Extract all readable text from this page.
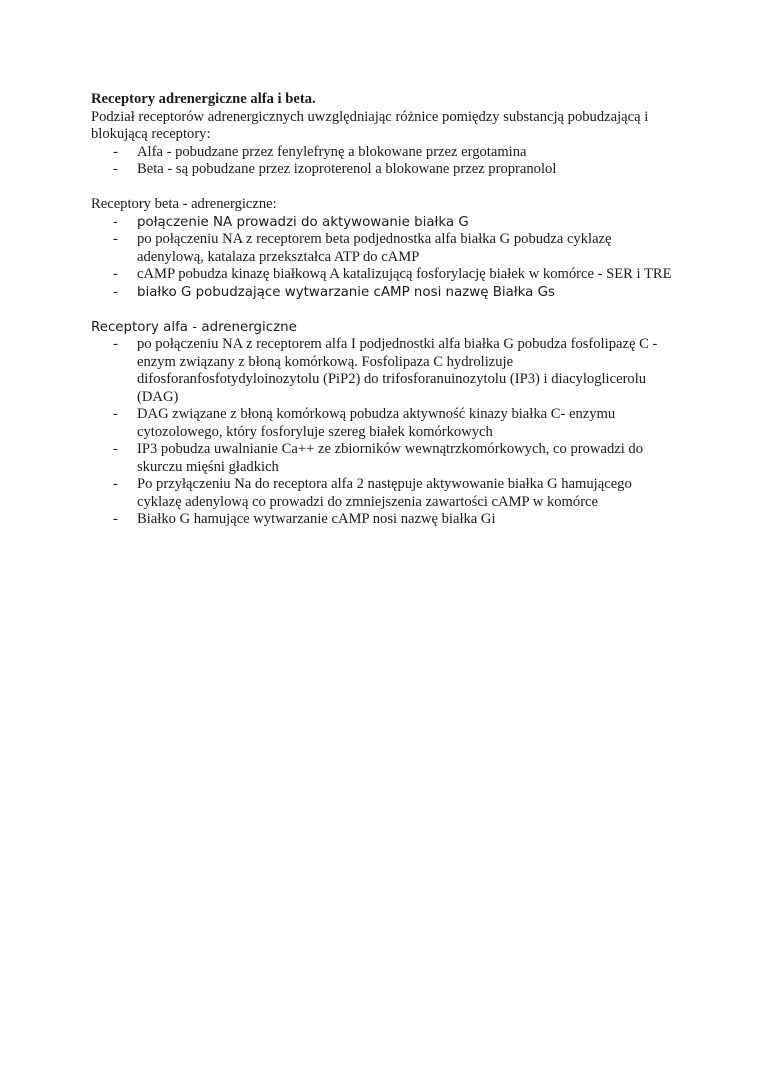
Receptory adrenergiczne alfa i beta.

Podział receptorów adrenergicznych uwzględniając różnice pomiędzy substancją pobudzającą i blokującą receptory:

- Alfa - pobudzane przez fenylefrynę a blokowane przez ergotamina
- Beta - są pobudzane przez izoproterenol a blokowane przez propranolol

Receptory beta - adrenergiczne:

- połączenie NA prowadzi do aktywowanie białka G
- po połączeniu NA z receptorem beta podjednostka alfa białka G pobudza cyklazę adenylową, katalaza przekształca ATP do cAMP
- cAMP pobudza kinazę białkową A katalizującą fosforylację białek w komórce - SER i TRE
- białko G pobudzające wytwarzanie cAMP nosi nazwę Białka Gs

Receptory alfa - adrenergiczne

- po połączeniu NA z receptorem alfa I podjednostki alfa białka G pobudza fosfolipazę C - enzym związany z błoną komórkową. Fosfolipaza C hydrolizuje difosforanfosfotydyloinozytolu (PiP2) do trifosforanuinozytolu (IP3) i diacyloglicerolu (DAG)
- DAG związane z błoną komórkową pobudza aktywność kinazy białka C- enzymu cytozolowego, który fosforyluje szereg białek komórkowych
- IP3 pobudza uwalnianie Ca++ ze zbiorników wewnątrzkomórkowych, co prowadzi do skurczu mięśni gładkich
- Po przyłączeniu Na do receptora alfa 2 następuje aktywowanie białka G hamującego cyklazę adenylową co prowadzi do zmniejszenia zawartości cAMP w komórce
- Białko G hamujące wytwarzanie cAMP nosi nazwę białka Gi
